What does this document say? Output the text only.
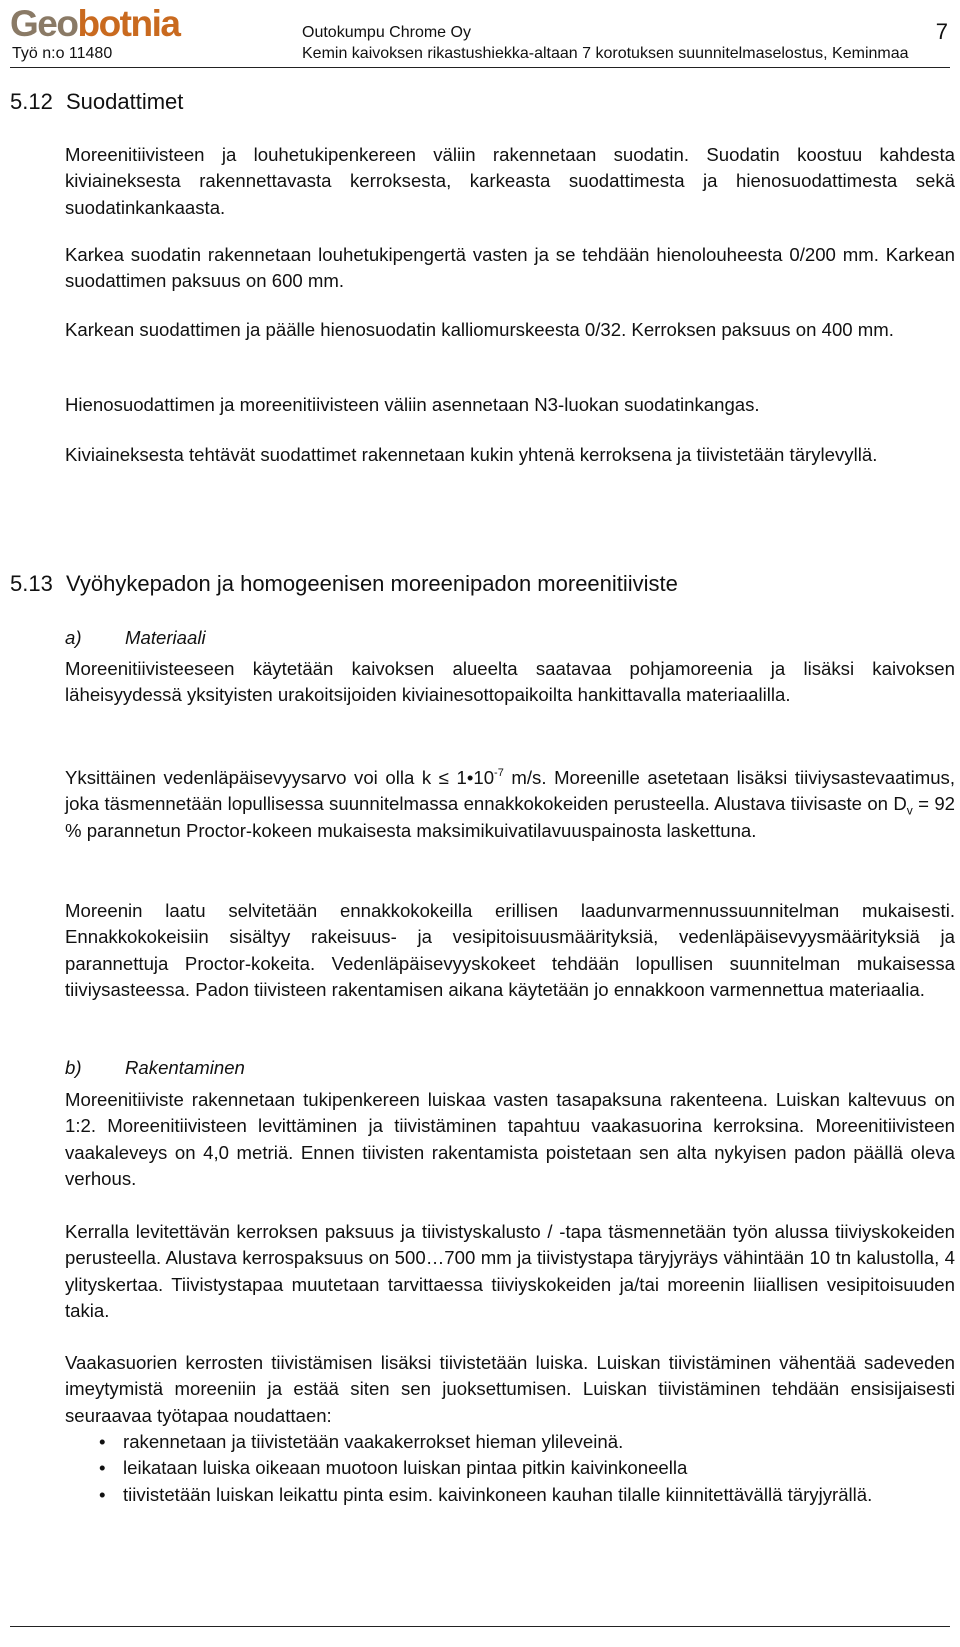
Geobotnia
Työ n:o 11480
Outokumpu Chrome Oy
Kemin kaivoksen rikastushiekka-altaan 7 korotuksen suunnitelmaselostus, Keminmaa
7
5.12 Suodattimet
Moreenitiivisteen ja louhetukipenkereen väliin rakennetaan suodatin. Suodatin koostuu kahdesta kiviaineksesta rakennettavasta kerroksesta, karkeasta suodattimesta ja hienosuodattimesta sekä suodatinkankaasta.
Karkea suodatin rakennetaan louhetukipengertä vasten ja se tehdään hienolouheesta 0/200 mm. Karkean suodattimen paksuus on 600 mm.
Karkean suodattimen ja päälle hienosuodatin kalliomurskeesta 0/32. Kerroksen paksuus on 400 mm.
Hienosuodattimen ja moreenitiivisteen väliin asennetaan N3-luokan suodatinkangas.
Kiviaineksesta tehtävät suodattimet rakennetaan kukin yhtenä kerroksena ja tiivistetään tärylevyllä.
5.13 Vyöhykepadon ja homogeenisen moreenipadon moreenitiiviste
a) Materiaali
Moreenitiivisteeseen käytetään kaivoksen alueelta saatavaa pohjamoreenia ja lisäksi kaivoksen läheisyydessä yksityisten urakoitsijoiden kiviainesottopaikoilta hankittavalla materiaalilla.
Yksittäinen vedenläpäisevyysarvo voi olla $k \le 1•10^{-7}$ m/s. Moreenille asetetaan lisäksi tiiviysastevaatimus, joka täsmennetään lopullisessa suunnitelmassa ennakkokokeiden perusteella. Alustava tiivisaste on $D_v = 92$ % parannetun Proctor-kokeen mukaisesta maksimikuivatilavuuspainosta laskettuna.
Moreenin laatu selvitetään ennakkokokeilla erillisen laadunvarmennussuunnitelman mukaisesti. Ennakkokokeisiin sisältyy rakeisuus- ja vesipitoisuusmäärityksiä, vedenläpäisevyysmäärityksiä ja parannettuja Proctor-kokeita. Vedenläpäisevyyskokeet tehdään lopullisen suunnitelman mukaisessa tiiviysasteessa. Padon tiivisteen rakentamisen aikana käytetään jo ennakkoon varmennettua materiaalia.
b) Rakentaminen
Moreenitiiviste rakennetaan tukipenkereen luiskaa vasten tasapaksuna rakenteena. Luiskan kaltevuus on 1:2. Moreenitiivisteen levittäminen ja tiivistäminen tapahtuu vaakasuorina kerroksina. Moreenitiivisteen vaakaleveys on 4,0 metriä. Ennen tiivisten rakentamista poistetaan sen alta nykyisen padon päällä oleva verhous.
Kerralla levitettävän kerroksen paksuus ja tiivistyskalusto / -tapa täsmennetään työn alussa tiiviyskokeiden perusteella. Alustava kerrospaksuus on 500…700 mm ja tiivistystapa täryjyräys vähintään 10 tn kalustolla, 4 ylityskertaa. Tiivistystapaa muutetaan tarvittaessa tiiviyskokeiden ja/tai moreenin liiallisen vesipitoisuuden takia.
Vaakasuorien kerrosten tiivistämisen lisäksi tiivistetään luiska. Luiskan tiivistäminen vähentää sadeveden imeytymistä moreeniin ja estää siten sen juoksettumisen. Luiskan tiivistäminen tehdään ensisijaisesti seuraavaa työtapaa noudattaen:
• rakennetaan ja tiivistetään vaakakerrokset hieman ylileveinä.
• leikataan luiska oikeaan muotoon luiskan pintaa pitkin kaivinkoneella
• tiivistetään luiskan leikattu pinta esim. kaivinkoneen kauhan tilalle kiinnitettävällä täryjyrällä.
